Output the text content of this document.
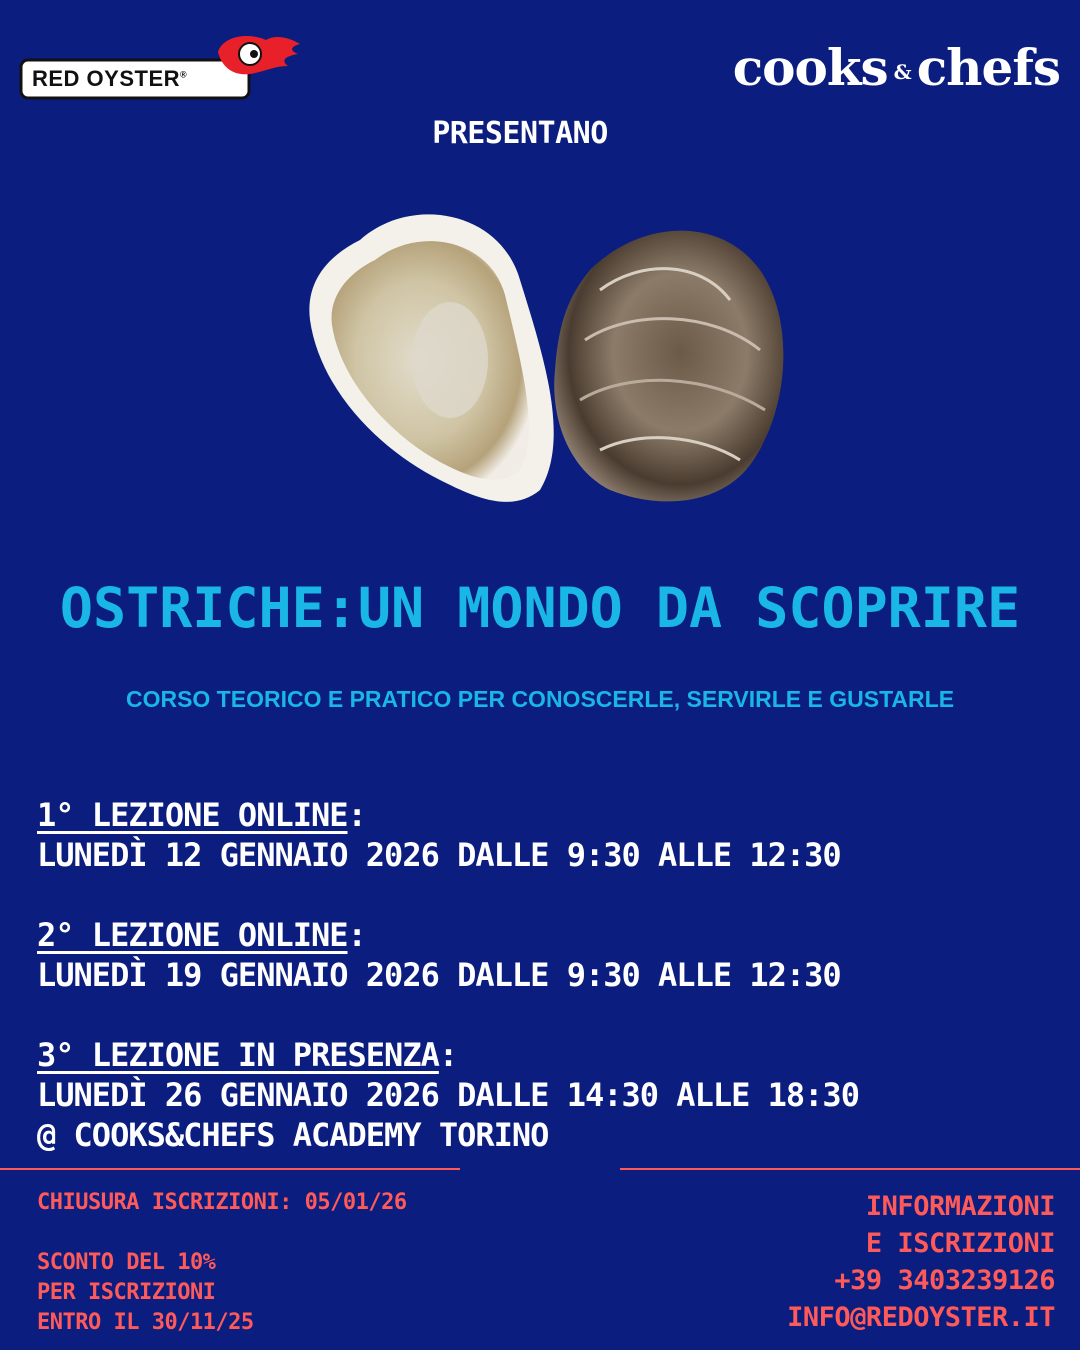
RED OYSTER®	cooks & chefs
PRESENTANO
OSTRICHE:UN MONDO DA SCOPRIRE
CORSO TEORICO E PRATICO PER CONOSCERLE, SERVIRLE E GUSTARLE
1° LEZIONE ONLINE:
LUNEDÌ 12 GENNAIO 2026 DALLE 9:30 ALLE 12:30
2° LEZIONE ONLINE:
LUNEDÌ 19 GENNAIO 2026 DALLE 9:30 ALLE 12:30
3° LEZIONE IN PRESENZA:
LUNEDÌ 26 GENNAIO 2026 DALLE 14:30 ALLE 18:30
@ COOKS&CHEFS ACADEMY TORINO
CHIUSURA ISCRIZIONI: 05/01/26
SCONTO DEL 10%
PER ISCRIZIONI
ENTRO IL 30/11/25
INFORMAZIONI
E ISCRIZIONI
+39 3403239126
INFO@REDOYSTER.IT
